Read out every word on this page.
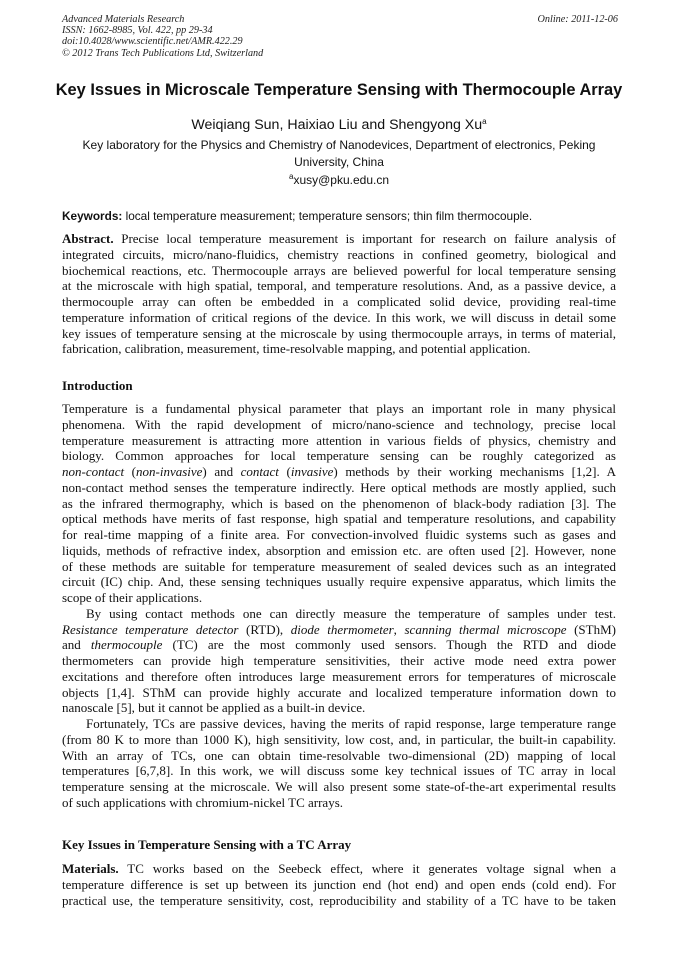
Advanced Materials Research
ISSN: 1662-8985, Vol. 422, pp 29-34
doi:10.4028/www.scientific.net/AMR.422.29
© 2012 Trans Tech Publications Ltd, Switzerland
Online: 2011-12-06
Key Issues in Microscale Temperature Sensing with Thermocouple Array
Weiqiang Sun, Haixiao Liu and Shengyong Xu$^a$
Key laboratory for the Physics and Chemistry of Nanodevices, Department of electronics, Peking University, China
$^a$xusy@pku.edu.cn
Keywords: local temperature measurement; temperature sensors; thin film thermocouple.
Abstract. Precise local temperature measurement is important for research on failure analysis of
integrated circuits, micro/nano-fluidics, chemistry reactions in confined geometry, biological and
biochemical reactions, etc. Thermocouple arrays are believed powerful for local temperature sensing
at the microscale with high spatial, temporal, and temperature resolutions. And, as a passive device, a
thermocouple array can often be embedded in a complicated solid device, providing real-time
temperature information of critical regions of the device. In this work, we will discuss in detail some
key issues of temperature sensing at the microscale by using thermocouple arrays, in terms of material,
fabrication, calibration, measurement, time-resolvable mapping, and potential application.
Introduction
Temperature is a fundamental physical parameter that plays an important role in many physical
phenomena. With the rapid development of micro/nano-science and technology, precise local
temperature measurement is attracting more attention in various fields of physics, chemistry and
biology. Common approaches for local temperature sensing can be roughly categorized as
non-contact (non-invasive) and contact (invasive) methods by their working mechanisms [1,2]. A
non-contact method senses the temperature indirectly. Here optical methods are mostly applied, such
as the infrared thermography, which is based on the phenomenon of black-body radiation [3]. The
optical methods have merits of fast response, high spatial and temperature resolutions, and capability
for real-time mapping of a finite area. For convection-involved fluidic systems such as gases and
liquids, methods of refractive index, absorption and emission etc. are often used [2]. However, none
of these methods are suitable for temperature measurement of sealed devices such as an integrated
circuit (IC) chip. And, these sensing techniques usually require expensive apparatus, which limits the
scope of their applications.
By using contact methods one can directly measure the temperature of samples under test.
Resistance temperature detector (RTD), diode thermometer, scanning thermal microscope (SThM)
and thermocouple (TC) are the most commonly used sensors. Though the RTD and diode
thermometers can provide high temperature sensitivities, their active mode need extra power
excitations and therefore often introduces large measurement errors for temperatures of microscale
objects [1,4]. SThM can provide highly accurate and localized temperature information down to
nanoscale [5], but it cannot be applied as a built-in device.
Fortunately, TCs are passive devices, having the merits of rapid response, large temperature range
(from 80 K to more than 1000 K), high sensitivity, low cost, and, in particular, the built-in capability.
With an array of TCs, one can obtain time-resolvable two-dimensional (2D) mapping of local
temperatures [6,7,8]. In this work, we will discuss some key technical issues of TC array in local
temperature sensing at the microscale. We will also present some state-of-the-art experimental results
of such applications with chromium-nickel TC arrays.
Key Issues in Temperature Sensing with a TC Array
Materials. TC works based on the Seebeck effect, where it generates voltage signal when a
temperature difference is set up between its junction end (hot end) and open ends (cold end). For
practical use, the temperature sensitivity, cost, reproducibility and stability of a TC have to be taken
